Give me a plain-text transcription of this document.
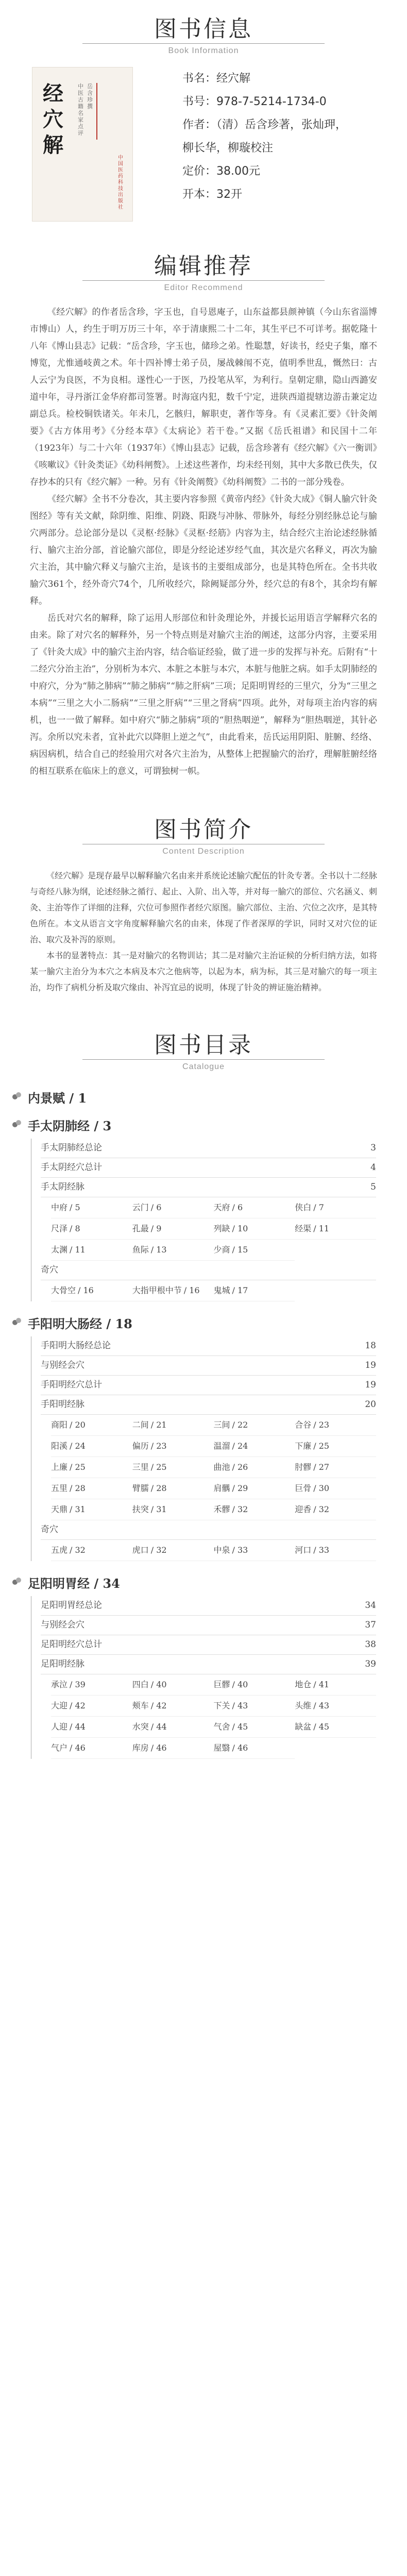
图书信息
Book Information
经穴解
中医古籍名家点评
岳含珍 撰
中国医药科技出版社
书名：经穴解
书号：978-7-5214-1734-0
作者：（清）岳含珍著，张灿玾，
柳长华，柳璇校注
定价：38.00元
开本：32开
编辑推荐
Editor Recommend

《经穴解》的作者岳含珍，字玉也，自号恩庵子，山东益都县颜神镇（今山东省淄博市博山）人，约生于明万历三十年，卒于清康熙二十二年，其生平已不可详考。据乾隆十八年《博山县志》记载：“岳含珍，字玉也，储珍之弟。性聪慧，好读书，经史子集，靡不博览，尤惟通岐黄之术。年十四补博士弟子员，屡战棘闱不克，值明季世乱，慨然曰：古人云宁为良医，不为良相。遂性心一于医，乃投笔从军，为利行。皇朝定鼎，隐山西潞安道中年，寻丹浙江金华府都司签署。时海寇内犯，数千宁定，进陕西道提辖边游击兼定边副总兵。检校铜铁诸关。年未几，乞骸归，解职吏，著作等身。有《灵素汇要》《针灸阐要》《古方体用考》《分经本草》《太病论》若干卷。”又据《岳氏祖谱》和民国十二年（1923年）与二十六年（1937年）《博山县志》记载，岳含珍著有《经穴解》《六一衡训》《咳嗽议》《针灸类证》《幼科闸赘》。上述这些著作，均未经刊刻，其中大多散已佚失，仅存抄本的只有《经穴解》一种。另有《针灸阐赘》《幼科阐赘》二书的一部分残卷。

《经穴解》全书不分卷次，其主要内容参照《黄帝内经》《针灸大成》《铜人腧穴针灸图经》等有关文献，除阴维、阳维、阴跷、阳跷与冲脉、带脉外，每经分别经脉总论与腧穴两部分。总论部分是以《灵枢·经脉》《灵枢·经筋》内容为主，结合经穴主治论述经脉循行、腧穴主治分部，首论腧穴部位，即是分经论述岁经气血，其次是穴名释义，再次为腧穴主治，其中腧穴释义与腧穴主治，是该书的主要组成部分，也是其特色所在。全书共收腧穴361个，经外奇穴74个，几所收经穴，除阙疑部分外，经穴总的有8个，其余均有解释。

岳氏对穴名的解释，除了运用人形部位和针灸理论外，并援长运用语言学解释穴名的由来。除了对穴名的解释外，另一个特点则是对腧穴主治的阐述，这部分内容，主要采用了《针灸大成》中的腧穴主治内容，结合临证经验，做了进一步的发挥与补充。后附有“十二经穴分治主治”，分别析为本穴、本脏之本脏与本穴，本脏与他脏之病。如手太阴肺经的中府穴，分为“肺之肺病”“肺之肺病”“肺之肝病”三项；足阳明胃经的三里穴，分为“三里之本病”“三里之大小二肠病”“三里之肝病”“三里之肾病”四项。此外，对每项主治内容的病机，也一一做了解释。如中府穴“肺之肺病”项的“胆热咽逆”，解释为“胆热咽逆，其针必泻。余所以究未者，宜补此穴以降胆上逆之气”，由此看来，岳氏运用阴阳、脏腑、经络、病因病机，结合自己的经验用穴对各穴主治为，从整体上把握腧穴的治疗，理解脏腑经络的相互联系在临床上的意义，可谓独树一帜。

图书简介
Content Description

《经穴解》是现存最早以解释腧穴名由来并系统论述腧穴配伍的针灸专著。全书以十二经脉与奇经八脉为纲，论述经脉之循行、起止、入阶、出入等，并对每一腧穴的部位、穴名涵义、刺灸、主治等作了详细的注释，穴位可参照作者经穴原图。腧穴部位、主治、穴位之次序，是其特色所在。本文从语言文字角度解释腧穴名的由来，体现了作者深厚的学识，同时又对穴位的证治、取穴及补泻的原则。

本书的显著特点：其一是对腧穴的名物训诂；其二是对腧穴主治证候的分析归纳方法，如将某一腧穴主治分为本穴之本病及本穴之他病等，以起为本，病为标，其三是对腧穴的每一项主治，均作了病机分析及取穴缘由、补泻宜忌的说明，体现了针灸的辨证施治精神。

图书目录
Catalogue
内景赋 / 1
手太阴肺经 / 3
手太阴肺经总论	3
手太阴经穴总计	4
手太阴经脉	5
中府 / 5	云门 / 6	天府 / 6	侠白 / 7
尺泽 / 8	孔最 / 9	列缺 / 10	经渠 / 11
太渊 / 11	鱼际 / 13	少商 / 15
奇穴
大骨空 / 16	大指甲根中节 / 16	鬼城 / 17
手阳明大肠经 / 18
手阳明大肠经总论	18
与别经会穴	19
手阳明经穴总计	19
手阳明经脉	20
商阳 / 20	二间 / 21	三间 / 22	合谷 / 23
阳溪 / 24	偏历 / 23	温溜 / 24	下廉 / 25
上廉 / 25	三里 / 25	曲池 / 26	肘髎 / 27
五里 / 28	臂臑 / 28	肩髃 / 29	巨骨 / 30
天鼎 / 31	扶突 / 31	禾髎 / 32	迎香 / 32
奇穴
五虎 / 32	虎口 / 32	中泉 / 33	河口 / 33
足阳明胃经 / 34
足阳明胃经总论	34
与别经会穴	37
足阳明经穴总计	38
足阳明经脉	39
承泣 / 39	四白 / 40	巨髎 / 40	地仓 / 41
大迎 / 42	颊车 / 42	下关 / 43	头维 / 43
人迎 / 44	水突 / 44	气舍 / 45	缺盆 / 45
气户 / 46	库房 / 46	屋翳 / 46
